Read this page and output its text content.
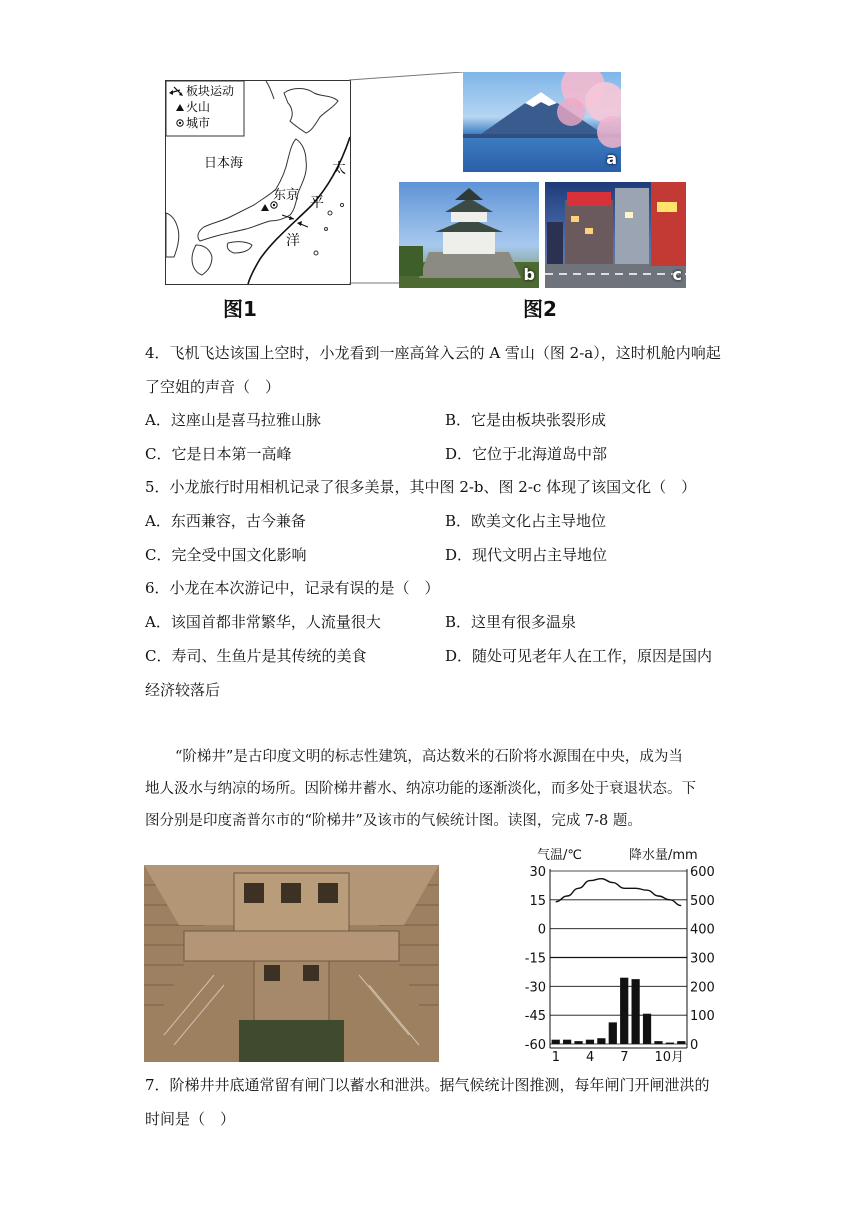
板块运动
火山
城市
日本海
东京
太
平
洋
图1
a
b	c
图2
4．飞机飞达该国上空时，小龙看到一座高耸入云的 A 雪山（图 2-a），这时机舱内响起
了空姐的声音（　）
A．这座山是喜马拉雅山脉	B．它是由板块张裂形成
C．它是日本第一高峰	D．它位于北海道岛中部
5．小龙旅行时用相机记录了很多美景，其中图 2-b、图 2-c 体现了该国文化（　）
A．东西兼容，古今兼备	B．欧美文化占主导地位
C．完全受中国文化影响	D．现代文明占主导地位
6．小龙在本次游记中，记录有误的是（　）
A．该国首都非常繁华，人流量很大	B．这里有很多温泉
C．寿司、生鱼片是其传统的美食	D．随处可见老年人在工作，原因是国内
经济较落后
“阶梯井”是古印度文明的标志性建筑，高达数米的石阶将水源围在中央，成为当
地人汲水与纳凉的场所。因阶梯井蓄水、纳凉功能的逐渐淡化，而多处于衰退状态。下
图分别是印度斋普尔市的“阶梯井”及该市的气候统计图。读图，完成 7-8 题。
气温/℃	降水量/mm
30
15
0
-15
-30
-45
-60
600
500
400
300
200
100
0
1 4 7 10月
7．阶梯井井底通常留有闸门以蓄水和泄洪。据气候统计图推测，每年闸门开闸泄洪的
时间是（　）
